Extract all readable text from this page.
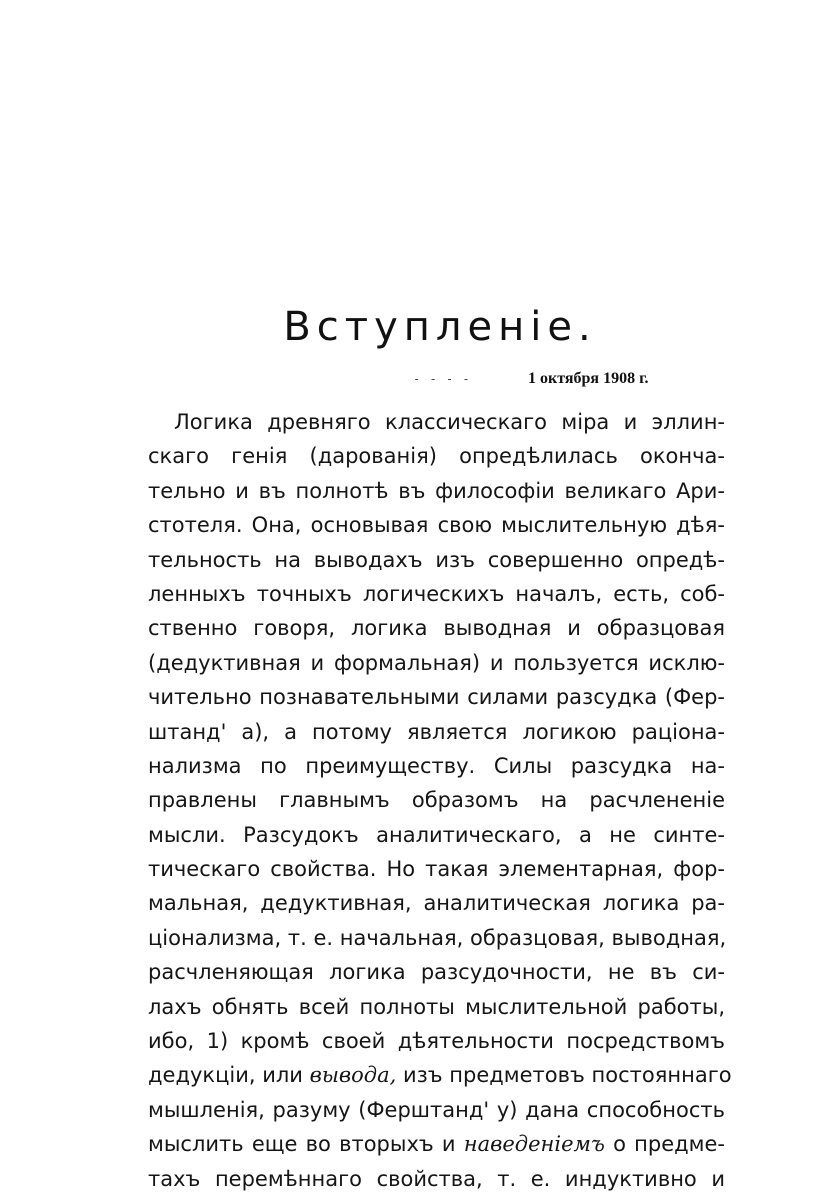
Вступленіе.
- - - -	1 октября 1908 г.
Логика древняго классическаго міра и эллин-
скаго генія (дарованія) опредѣлилась оконча-
тельно и въ полнотѣ въ философіи великаго Ари-
стотеля. Она, основывая свою мыслительную дѣя-
тельность на выводахъ изъ совершенно опредѣ-
ленныхъ точныхъ логическихъ началъ, есть, соб-
ственно говоря, логика выводная и образцовая
(дедуктивная и формальная) и пользуется исклю-
чительно познавательными силами разсудка (Фер-
штанд' а), а потому является логикою раціона-
нализма по преимуществу. Силы разсудка на-
правлены главнымъ образомъ на расчлененіе
мысли. Разсудокъ аналитическаго, а не синте-
тическаго свойства. Но такая элементарная, фор-
мальная, дедуктивная, аналитическая логика ра-
ціонализма, т. е. начальная, образцовая, выводная,
расчленяющая логика разсудочности, не въ си-
лахъ обнять всей полноты мыслительной работы,
ибо, 1) кромѣ своей дѣятельности посредствомъ
дедукціи, или вывода, изъ предметовъ постояннаго
мышленія, разуму (Ферштанд' у) дана способность
мыслить еще во вторыхъ и наведеніемъ о предме-
тахъ перемѣннаго свойства, т. е. индуктивно и
